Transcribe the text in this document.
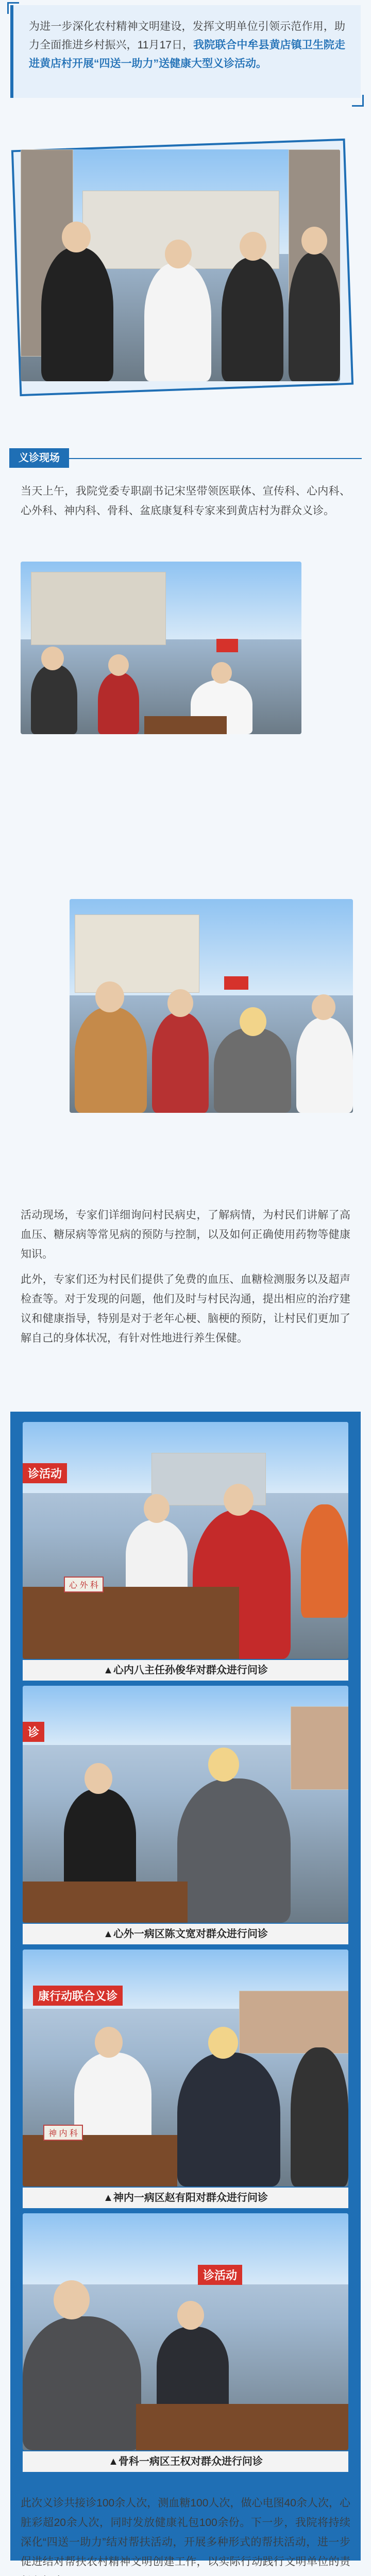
为进一步深化农村精神文明建设，发挥文明单位引领示范作用，助力全面推进乡村振兴，11月17日，我院联合中牟县黄店镇卫生院走进黄店村开展“四送一助力”送健康大型义诊活动。
义诊现场
当天上午，我院党委专职副书记宋坚带领医联体、宣传科、心内科、心外科、神内科、骨科、盆底康复科专家来到黄店村为群众义诊。

活动现场，专家们详细询问村民病史，了解病情，为村民们讲解了高血压、糖尿病等常见病的预防与控制，以及如何正确使用药物等健康知识。
此外，专家们还为村民们提供了免费的血压、血糖检测服务以及超声检查等。对于发现的问题，他们及时与村民沟通，提出相应的治疗建议和健康指导，特别是对于老年心梗、脑梗的预防，让村民们更加了解自己的身体状况，有针对性地进行养生保健。
诊活动
心 外 科
▲心内八主任孙俊华对群众进行问诊
诊
▲心外一病区陈文宽对群众进行问诊
康行动联合义诊
神 内 科
▲神内一病区赵有阳对群众进行问诊
诊活动
▲骨科一病区王权对群众进行问诊
此次义诊共接诊100余人次，测血糖100人次，做心电图40余人次，心脏彩超20余人次，同时发放健康礼包100余份。下一步，我院将持续深化“四送一助力”结对帮扶活动，开展多种形式的帮扶活动，进一步促进结对帮扶农村精神文明创建工作，以实际行动践行文明单位的责
